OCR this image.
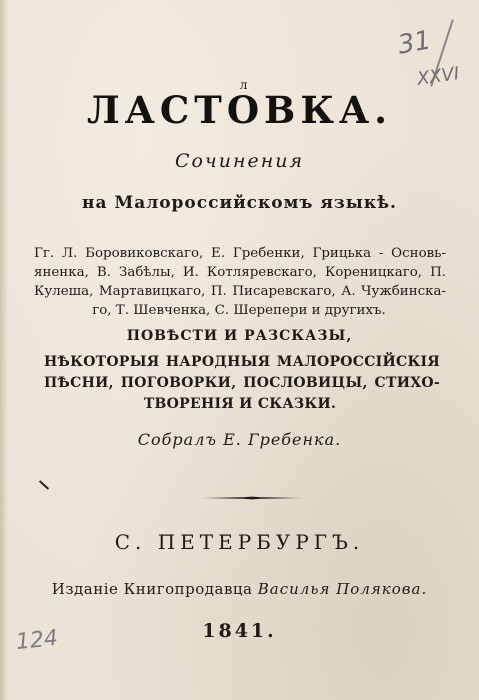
31
ХХVI
124
л
ЛАСТОВКА.
Сочинения
на Малороссийскомъ языкѣ.
Гг. Л. Боровиковскаго, Е. Гребенки, Грицька - Основь-
яненка, В. Забѣлы, И. Котляревскаго, Кореницкаго, П.
Кулеша, Мартавицкаго, П. Писаревскаго, А. Чужбинска-
го, Т. Шевченка, С. Шерепери и другихъ.
ПОВѢСТИ И РАЗСКАЗЫ,
НѢКОТОРЫЯ НАРОДНЫЯ МАЛОРОССІЙСКІЯ
ПѢСНИ, ПОГОВОРКИ, ПОСЛОВИЦЫ, СТИХО-
ТВОРЕНІЯ И СКАЗКИ.
Собралъ Е. Гребенка.
С. ПЕТЕРБУРГЪ.
Изданіе Книгопродавца Василья Полякова.
1841.
